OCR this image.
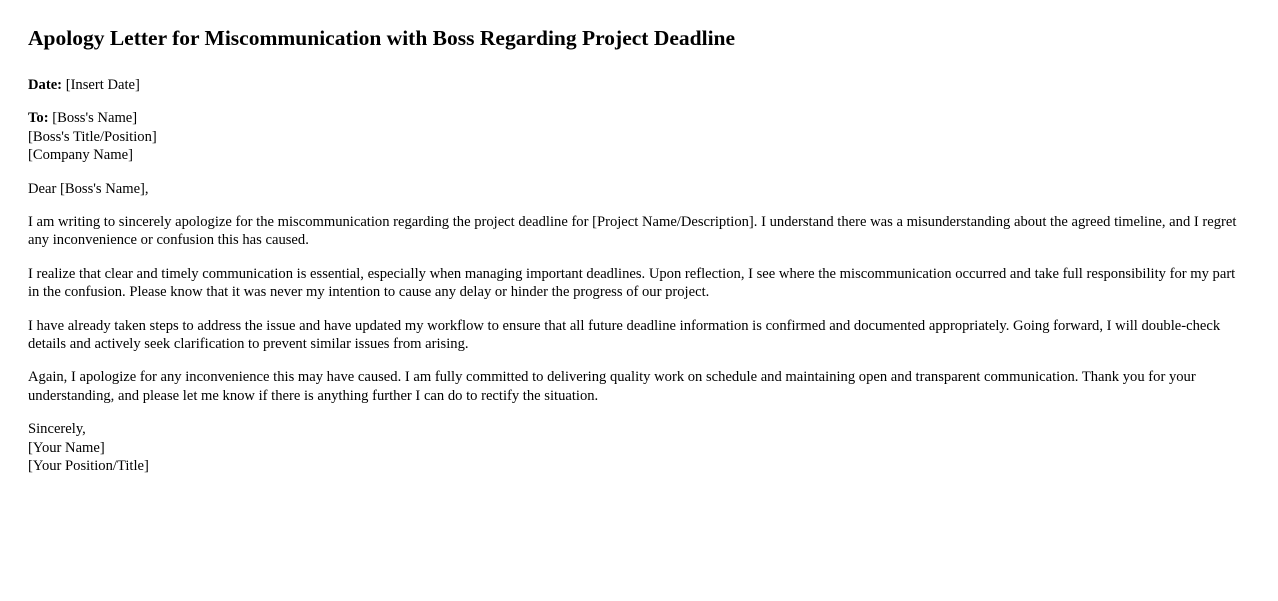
Apology Letter for Miscommunication with Boss Regarding Project Deadline

Date: [Insert Date]

To: [Boss's Name]
[Boss's Title/Position]
[Company Name]

Dear [Boss's Name],

I am writing to sincerely apologize for the miscommunication regarding the project deadline for [Project Name/Description]. I understand there was a misunderstanding about the agreed timeline, and I regret any inconvenience or confusion this has caused.

I realize that clear and timely communication is essential, especially when managing important deadlines. Upon reflection, I see where the miscommunication occurred and take full responsibility for my part in the confusion. Please know that it was never my intention to cause any delay or hinder the progress of our project.

I have already taken steps to address the issue and have updated my workflow to ensure that all future deadline information is confirmed and documented appropriately. Going forward, I will double-check details and actively seek clarification to prevent similar issues from arising.

Again, I apologize for any inconvenience this may have caused. I am fully committed to delivering quality work on schedule and maintaining open and transparent communication. Thank you for your understanding, and please let me know if there is anything further I can do to rectify the situation.

Sincerely,
[Your Name]
[Your Position/Title]
